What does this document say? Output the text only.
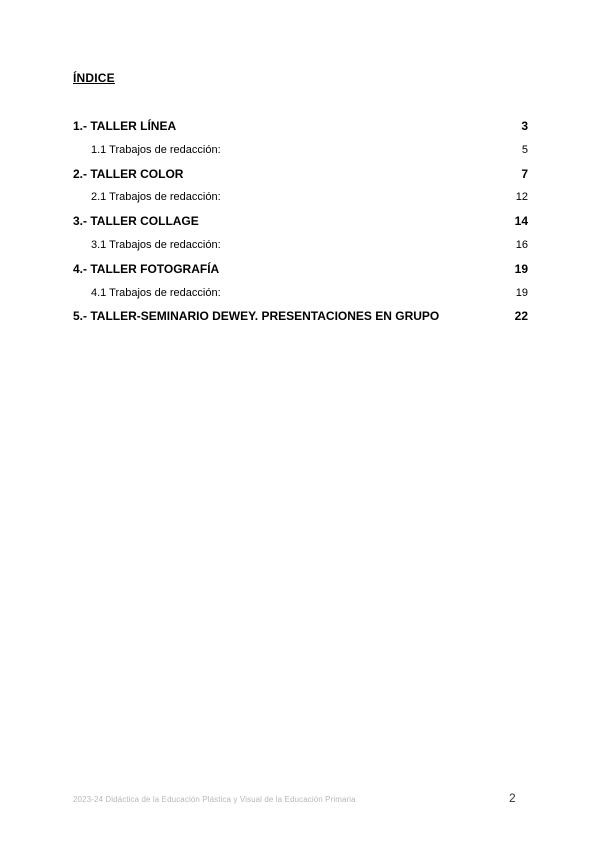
ÍNDICE
1.- TALLER LÍNEA	3
1.1 Trabajos de redacción:	5
2.- TALLER COLOR	7
2.1 Trabajos de redacción:	12
3.- TALLER COLLAGE	14
3.1 Trabajos de redacción:	16
4.- TALLER FOTOGRAFÍA	19
4.1 Trabajos de redacción:	19
5.- TALLER-SEMINARIO DEWEY. PRESENTACIONES EN GRUPO	22
2023-24 Didáctica de la Educación Plástica y Visual de la Educación Primaria	2
